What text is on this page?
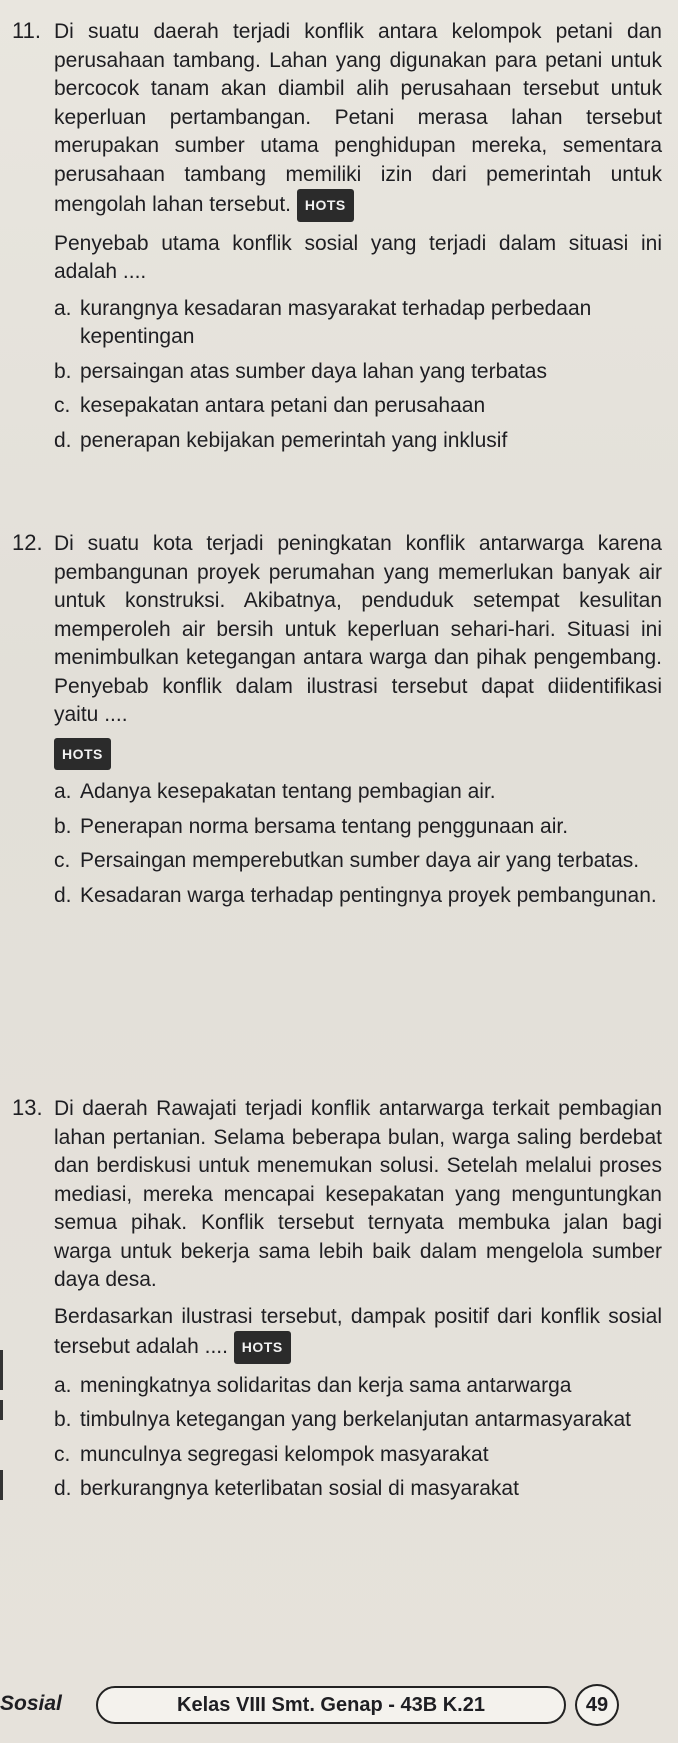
11. Di suatu daerah terjadi konflik antara kelompok petani dan perusahaan tambang. Lahan yang digunakan para petani untuk bercocok tanam akan diambil alih perusahaan tersebut untuk keperluan pertambangan. Petani merasa lahan tersebut merupakan sumber utama penghidupan mereka, sementara perusahaan tambang memiliki izin dari pemerintah untuk mengolah lahan tersebut. HOTS

Penyebab utama konflik sosial yang terjadi dalam situasi ini adalah ....

a. kurangnya kesadaran masyarakat terhadap perbedaan kepentingan
b. persaingan atas sumber daya lahan yang terbatas
c. kesepakatan antara petani dan perusahaan
d. penerapan kebijakan pemerintah yang inklusif
12. Di suatu kota terjadi peningkatan konflik antarwarga karena pembangunan proyek perumahan yang memerlukan banyak air untuk konstruksi. Akibatnya, penduduk setempat kesulitan memperoleh air bersih untuk keperluan sehari-hari. Situasi ini menimbulkan ketegangan antara warga dan pihak pengembang. Penyebab konflik dalam ilustrasi tersebut dapat diidentifikasi yaitu ....

HOTS

a. Adanya kesepakatan tentang pembagian air.
b. Penerapan norma bersama tentang penggunaan air.
c. Persaingan memperebutkan sumber daya air yang terbatas.
d. Kesadaran warga terhadap pentingnya proyek pembangunan.
13. Di daerah Rawajati terjadi konflik antarwarga terkait pembagian lahan pertanian. Selama beberapa bulan, warga saling berdebat dan berdiskusi untuk menemukan solusi. Setelah melalui proses mediasi, mereka mencapai kesepakatan yang menguntungkan semua pihak. Konflik tersebut ternyata membuka jalan bagi warga untuk bekerja sama lebih baik dalam mengelola sumber daya desa.

Berdasarkan ilustrasi tersebut, dampak positif dari konflik sosial tersebut adalah .... HOTS

a. meningkatnya solidaritas dan kerja sama antarwarga
b. timbulnya ketegangan yang berkelanjutan antarmasyarakat
c. munculnya segregasi kelompok masyarakat
d. berkurangnya keterlibatan sosial di masyarakat
Sosial	Kelas VIII Smt. Genap - 43B K.21	49
